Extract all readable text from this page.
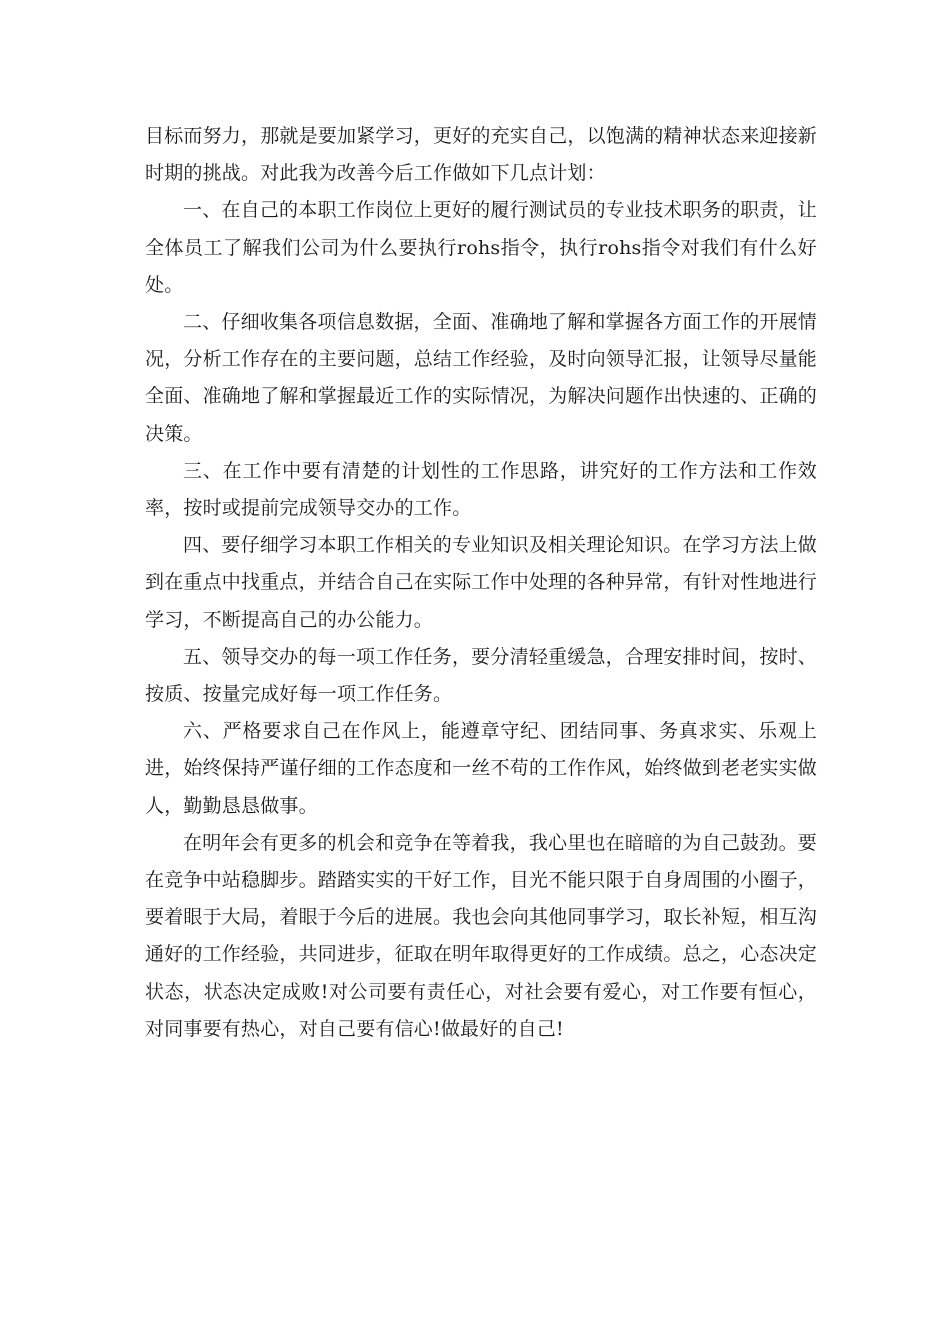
目标而努力，那就是要加紧学习，更好的充实自己，以饱满的精神状态来迎接新时期的挑战。对此我为改善今后工作做如下几点计划：

一、在自己的本职工作岗位上更好的履行测试员的专业技术职务的职责，让全体员工了解我们公司为什么要执行rohs指令，执行rohs指令对我们有什么好处。

二、仔细收集各项信息数据，全面、准确地了解和掌握各方面工作的开展情况，分析工作存在的主要问题，总结工作经验，及时向领导汇报，让领导尽量能全面、准确地了解和掌握最近工作的实际情况，为解决问题作出快速的、正确的决策。

三、在工作中要有清楚的计划性的工作思路，讲究好的工作方法和工作效率，按时或提前完成领导交办的工作。

四、要仔细学习本职工作相关的专业知识及相关理论知识。在学习方法上做到在重点中找重点，并结合自己在实际工作中处理的各种异常，有针对性地进行学习，不断提高自己的办公能力。

五、领导交办的每一项工作任务，要分清轻重缓急，合理安排时间，按时、按质、按量完成好每一项工作任务。

六、严格要求自己在作风上，能遵章守纪、团结同事、务真求实、乐观上进，始终保持严谨仔细的工作态度和一丝不苟的工作作风，始终做到老老实实做人，勤勤恳恳做事。

在明年会有更多的机会和竞争在等着我，我心里也在暗暗的为自己鼓劲。要在竞争中站稳脚步。踏踏实实的干好工作，目光不能只限于自身周围的小圈子，要着眼于大局，着眼于今后的进展。我也会向其他同事学习，取长补短，相互沟通好的工作经验，共同进步，征取在明年取得更好的工作成绩。总之，心态决定状态，状态决定成败!对公司要有责任心，对社会要有爱心，对工作要有恒心，对同事要有热心，对自己要有信心!做最好的自己!
